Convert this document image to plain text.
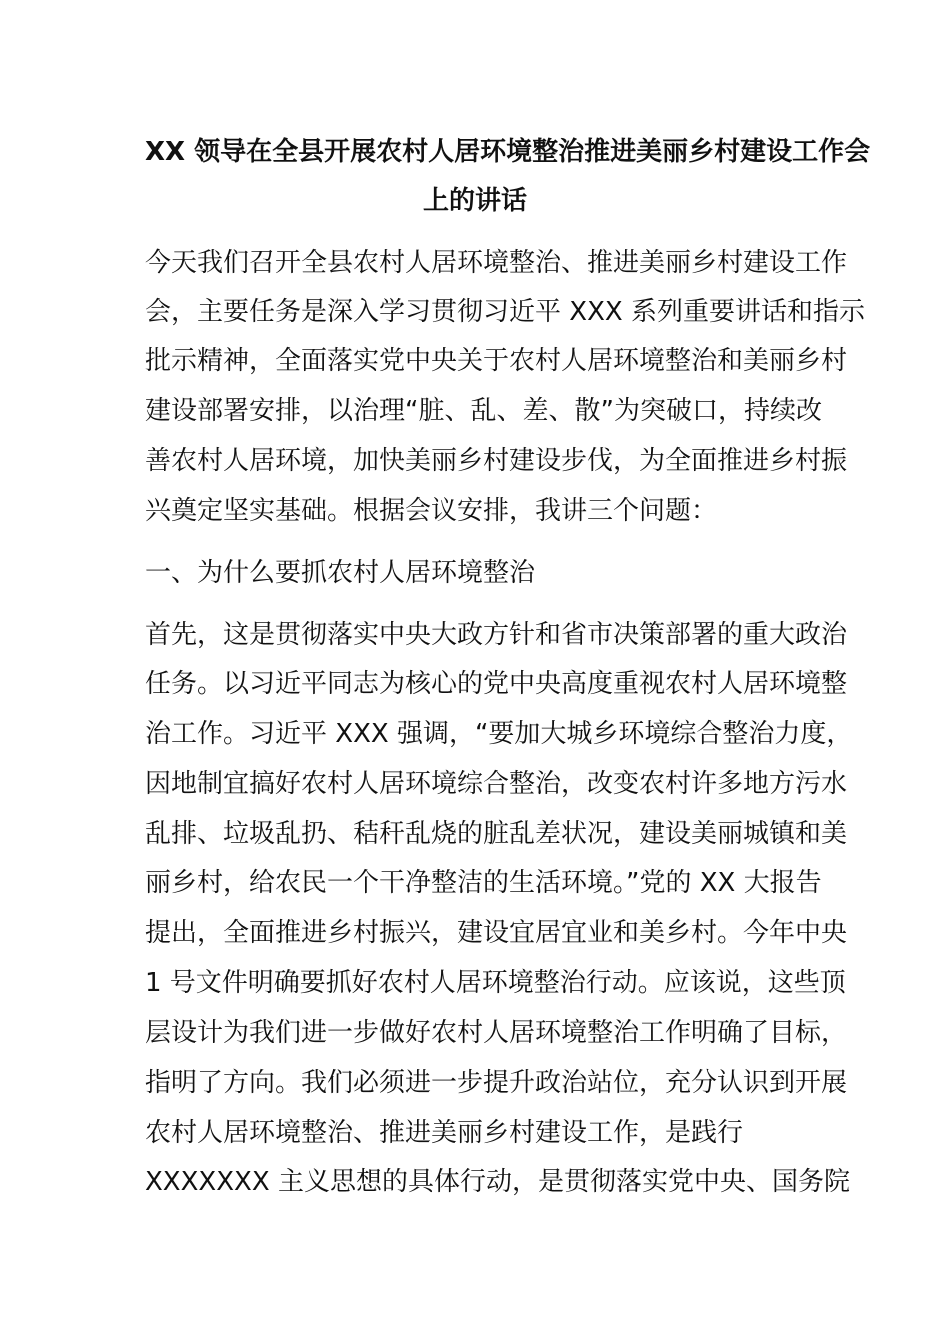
XX 领导在全县开展农村人居环境整治推进美丽乡村建设工作会
上的讲话
今天我们召开全县农村人居环境整治、推进美丽乡村建设工作
会，主要任务是深入学习贯彻习近平 XXX 系列重要讲话和指示
批示精神，全面落实党中央关于农村人居环境整治和美丽乡村
建设部署安排，以治理“脏、乱、差、散”为突破口，持续改
善农村人居环境，加快美丽乡村建设步伐，为全面推进乡村振
兴奠定坚实基础。根据会议安排，我讲三个问题：
一、为什么要抓农村人居环境整治
首先，这是贯彻落实中央大政方针和省市决策部署的重大政治
任务。以习近平同志为核心的党中央高度重视农村人居环境整
治工作。习近平 XXX 强调，“要加大城乡环境综合整治力度，
因地制宜搞好农村人居环境综合整治，改变农村许多地方污水
乱排、垃圾乱扔、秸秆乱烧的脏乱差状况，建设美丽城镇和美
丽乡村，给农民一个干净整洁的生活环境。”党的 XX 大报告
提出，全面推进乡村振兴，建设宜居宜业和美乡村。今年中央
1 号文件明确要抓好农村人居环境整治行动。应该说，这些顶
层设计为我们进一步做好农村人居环境整治工作明确了目标，
指明了方向。我们必须进一步提升政治站位，充分认识到开展
农村人居环境整治、推进美丽乡村建设工作，是践行
XXXXXXX 主义思想的具体行动，是贯彻落实党中央、国务院
